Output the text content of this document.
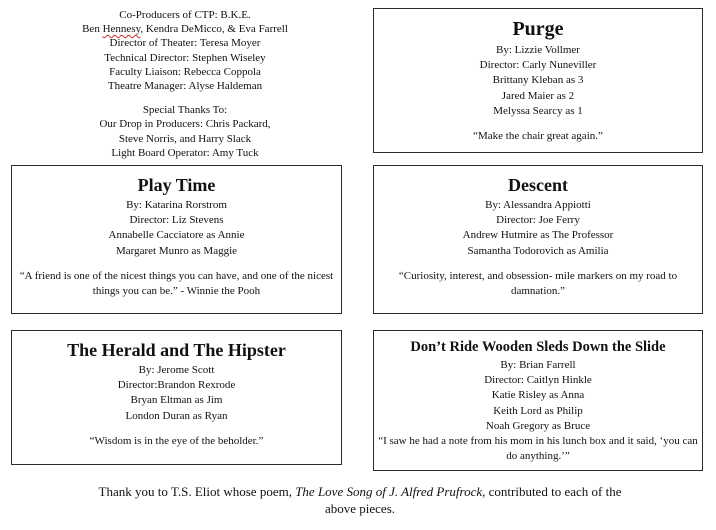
Co-Producers of CTP: B.K.E.
Ben Hennesy, Kendra DeMicco, & Eva Farrell
Director of Theater: Teresa Moyer
Technical Director: Stephen Wiseley
Faculty Liaison: Rebecca Coppola
Theatre Manager: Alyse Haldeman
Special Thanks To:
Our Drop in Producers: Chris Packard,
Steve Norris, and Harry Slack
Light Board Operator: Amy Tuck
Purge
By: Lizzie Vollmer
Director: Carly Nuneviller
Brittany Kleban as 3
Jared Maier as 2
Melyssa Searcy as 1
“Make the chair great again.”
Play Time
By: Katarina Rorstrom
Director: Liz Stevens
Annabelle Cacciatore as Annie
Margaret Munro as Maggie
“A friend is one of the nicest things you can have, and one of the nicest things you can be.” - Winnie the Pooh
Descent
By: Alessandra Appiotti
Director: Joe Ferry
Andrew Hutmire as The Professor
Samantha Todorovich as Amilia
“Curiosity, interest, and obsession- mile markers on my road to damnation.”
The Herald and The Hipster
By: Jerome Scott
Director:Brandon Rexrode
Bryan Eltman as Jim
London Duran as Ryan
“Wisdom is in the eye of the beholder.”
Don’t Ride Wooden Sleds Down the Slide
By: Brian Farrell
Director: Caitlyn Hinkle
Katie Risley as Anna
Keith Lord as Philip
Noah Gregory as Bruce
“I saw he had a note from his mom in his lunch box and it said, ‘you can do anything.’”
Thank you to T.S. Eliot whose poem, The Love Song of J. Alfred Prufrock, contributed to each of the above pieces.
